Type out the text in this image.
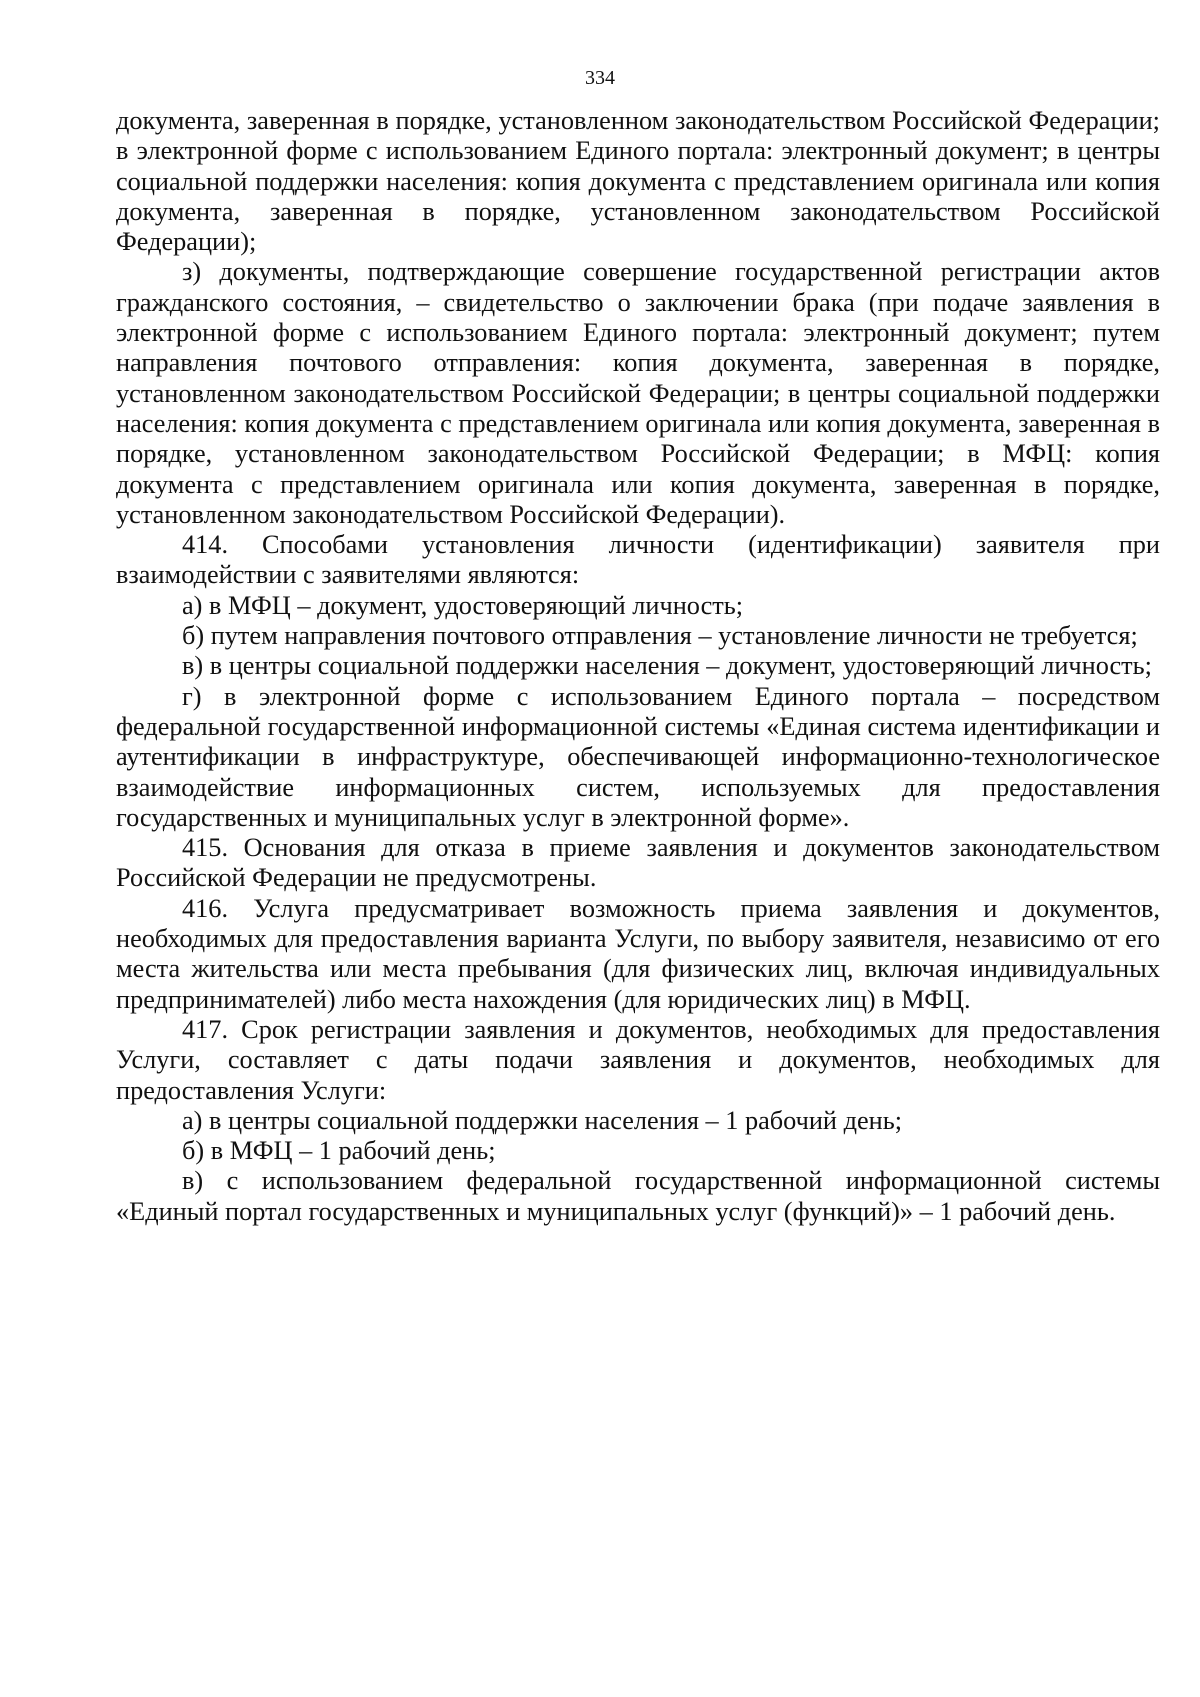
334

документа, заверенная в порядке, установленном законодательством Российской Федерации; в электронной форме с использованием Единого портала: электронный документ; в центры социальной поддержки населения: копия документа с представлением оригинала или копия документа, заверенная в порядке, установленном законодательством Российской Федерации);

з) документы, подтверждающие совершение государственной регистрации актов гражданского состояния, – свидетельство о заключении брака (при подаче заявления в электронной форме с использованием Единого портала: электронный документ; путем направления почтового отправления: копия документа, заверенная в порядке, установленном законодательством Российской Федерации; в центры социальной поддержки населения: копия документа с представлением оригинала или копия документа, заверенная в порядке, установленном законодательством Российской Федерации; в МФЦ: копия документа с представлением оригинала или копия документа, заверенная в порядке, установленном законодательством Российской Федерации).

414. Способами установления личности (идентификации) заявителя при взаимодействии с заявителями являются:

а) в МФЦ – документ, удостоверяющий личность;

б) путем направления почтового отправления – установление личности не требуется;

в) в центры социальной поддержки населения – документ, удостоверяющий личность;

г) в электронной форме с использованием Единого портала – посредством федеральной государственной информационной системы «Единая система идентификации и аутентификации в инфраструктуре, обеспечивающей информационно-технологическое взаимодействие информационных систем, используемых для предоставления государственных и муниципальных услуг в электронной форме».

415. Основания для отказа в приеме заявления и документов законодательством Российской Федерации не предусмотрены.

416. Услуга предусматривает возможность приема заявления и документов, необходимых для предоставления варианта Услуги, по выбору заявителя, независимо от его места жительства или места пребывания (для физических лиц, включая индивидуальных предпринимателей) либо места нахождения (для юридических лиц) в МФЦ.

417. Срок регистрации заявления и документов, необходимых для предоставления Услуги, составляет с даты подачи заявления и документов, необходимых для предоставления Услуги:

а) в центры социальной поддержки населения – 1 рабочий день;

б) в МФЦ – 1 рабочий день;

в) с использованием федеральной государственной информационной системы «Единый портал государственных и муниципальных услуг (функций)» – 1 рабочий день.
